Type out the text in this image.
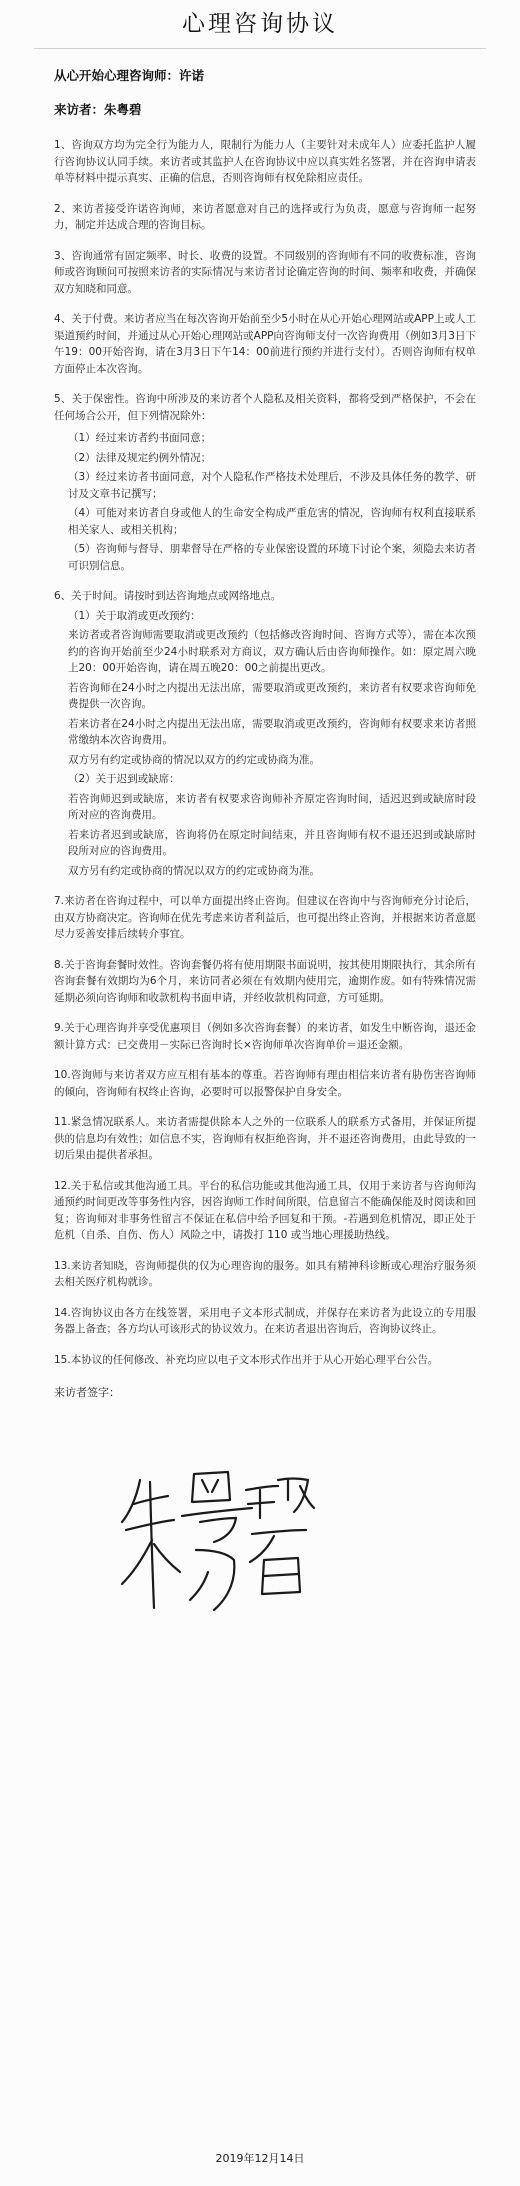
心理咨询协议

从心开始心理咨询师：许诺

来访者：朱粤碧

1、咨询双方均为完全行为能力人，限制行为能力人（主要针对未成年人）应委托监护人履行咨询协议认同手续。来访者或其监护人在咨询协议中应以真实姓名签署，并在咨询申请表单等材料中提示真实、正确的信息，否则咨询师有权免除相应责任。

2、来访者接受许诺咨询师，来访者愿意对自己的选择或行为负责，愿意与咨询师一起努力，制定并达成合理的咨询目标。

3、咨询通常有固定频率、时长、收费的设置。不同级别的咨询师有不同的收费标准，咨询师或咨询顾问可按照来访者的实际情况与来访者讨论确定咨询的时间、频率和收费，并确保双方知晓和同意。

4、关于付费。来访者应当在每次咨询开始前至少5小时在从心开始心理网站或APP上或人工渠道预约时间，并通过从心开始心理网站或APP向咨询师支付一次咨询费用（例如3月3日下午19：00开始咨询，请在3月3日下午14：00前进行预约并进行支付）。否则咨询师有权单方面停止本次咨询。

5、关于保密性。咨询中所涉及的来访者个人隐私及相关资料，都将受到严格保护，不会在任何场合公开，但下列情况除外：

（1）经过来访者约书面同意；

（2）法律及规定约例外情况；

（3）经过来访者书面同意，对个人隐私作严格技术处理后，不涉及具体任务的教学、研讨及文章书记撰写；

（4）可能对来访者自身或他人的生命安全构成严重危害的情况，咨询师有权利直接联系相关家人、或相关机构；

（5）咨询师与督导、朋辈督导在严格的专业保密设置的环境下讨论个案，须隐去来访者可识别信息。

6、关于时间。请按时到达咨询地点或网络地点。

（1）关于取消或更改预约：

来访者或者咨询师需要取消或更改预约（包括修改咨询时间、咨询方式等），需在本次预约的咨询开始前至少24小时联系对方商议，双方确认后由咨询师操作。如：原定周六晚上20：00开始咨询，请在周五晚20：00之前提出更改。

若咨询师在24小时之内提出无法出席，需要取消或更改预约，来访者有权要求咨询师免费提供一次咨询。

若来访者在24小时之内提出无法出席，需要取消或更改预约，咨询师有权要求来访者照常缴纳本次咨询费用。

双方另有约定或协商的情况以双方的约定或协商为准。

（2）关于迟到或缺席：

若咨询师迟到或缺席，来访者有权要求咨询师补齐原定咨询时间，适迟迟到或缺席时段所对应的咨询费用。

若来访者迟到或缺席，咨询将仍在原定时间结束，并且咨询师有权不退还迟到或缺席时段所对应的咨询费用。

双方另有约定或协商的情况以双方的约定或协商为准。

7.来访者在咨询过程中，可以单方面提出终止咨询。但建议在咨询中与咨询师充分讨论后，由双方协商决定。咨询师在优先考虑来访者利益后，也可提出终止咨询，并根据来访者意愿尽力妥善安排后续转介事宜。

8.关于咨询套餐时效性。咨询套餐仍将有使用期限书面说明，按其使用期限执行，其余所有咨询套餐有效期均为6个月，来访同者必须在有效期内使用完，逾期作废。如有特殊情况需延期必须向咨询师和收款机构书面申请，并经收款机构同意，方可延期。

9.关于心理咨询并享受优惠项目（例如多次咨询套餐）的来访者，如发生中断咨询，退还金额计算方式：已交费用－实际已咨询时长×咨询师单次咨询单价＝退还金额。

10.咨询师与来访者双方应互相有基本的尊重。若咨询师有理由相信来访者有胁伤害咨询师的倾向，咨询师有权终止咨询，必要时可以报警保护自身安全。

11.紧急情况联系人。来访者需提供除本人之外的一位联系人的联系方式备用，并保证所提供的信息均有效性；如信息不实，咨询师有权拒绝咨询，并不退还咨询费用，由此导致的一切后果由提供者承担。

12.关于私信或其他沟通工具。平台的私信功能或其他沟通工具，仅用于来访者与咨询师沟通预约时间更改等事务性内容，因咨询师工作时间所限，信息留言不能确保能及时阅读和回复；咨询师对非事务性留言不保证在私信中给予回复和干预。-若遇到危机情况，即正处于危机（自杀、自伤、伤人）风险之中，请拨打 110 或当地心理援助热线。

13.来访者知晓，咨询师提供的仅为心理咨询的服务。如具有精神科诊断或心理治疗服务须去相关医疗机构就诊。

14.咨询协议由各方在线签署，采用电子文本形式制成，并保存在来访者为此设立的专用服务器上备查；各方均认可该形式的协议效力。在来访者退出咨询后，咨询协议终止。

15.本协议的任何修改、补充均应以电子文本形式作出并于从心开始心理平台公告。

来访者签字：

2019年12月14日
